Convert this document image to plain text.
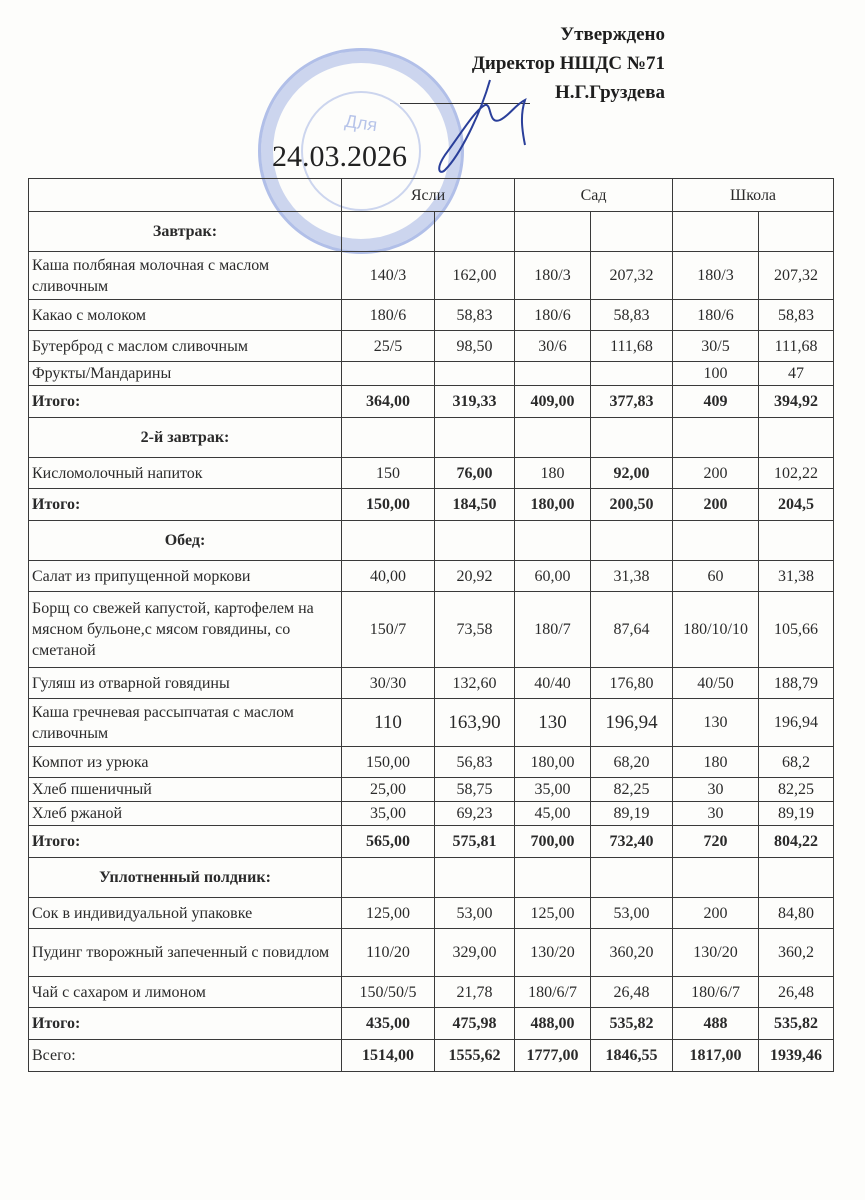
Утверждено
Директор НШДС №71
Н.Г.Груздева
Для
24.03.2026
	Ясли		Сад		Школа	
Завтрак:						
Каша полбяная молочная с маслом сливочным	140/3	162,00	180/3	207,32	180/3	207,32
Какао с молоком	180/6	58,83	180/6	58,83	180/6	58,83
Бутерброд с маслом сливочным	25/5	98,50	30/6	111,68	30/5	111,68
Фрукты/Мандарины					100	47
Итого:	364,00	319,33	409,00	377,83	409	394,92
2-й завтрак:						
Кисломолочный напиток	150	76,00	180	92,00	200	102,22
Итого:	150,00	184,50	180,00	200,50	200	204,5
Обед:						
Салат из припущенной моркови	40,00	20,92	60,00	31,38	60	31,38
Борщ со свежей капустой, картофелем на мясном бульоне,с мясом говядины, со сметаной	150/7	73,58	180/7	87,64	180/10/10	105,66
Гуляш из отварной говядины	30/30	132,60	40/40	176,80	40/50	188,79
Каша гречневая рассыпчатая с маслом сливочным	110	163,90	130	196,94	130	196,94
Компот из урюка	150,00	56,83	180,00	68,20	180	68,2
Хлеб пшеничный	25,00	58,75	35,00	82,25	30	82,25
Хлеб ржаной	35,00	69,23	45,00	89,19	30	89,19
Итого:	565,00	575,81	700,00	732,40	720	804,22
Уплотненный полдник:						
Сок в индивидуальной упаковке	125,00	53,00	125,00	53,00	200	84,80
Пудинг творожный запеченный с повидлом	110/20	329,00	130/20	360,20	130/20	360,2
Чай с сахаром и лимоном	150/50/5	21,78	180/6/7	26,48	180/6/7	26,48
Итого:	435,00	475,98	488,00	535,82	488	535,82
Всего:	1514,00	1555,62	1777,00	1846,55	1817,00	1939,46
